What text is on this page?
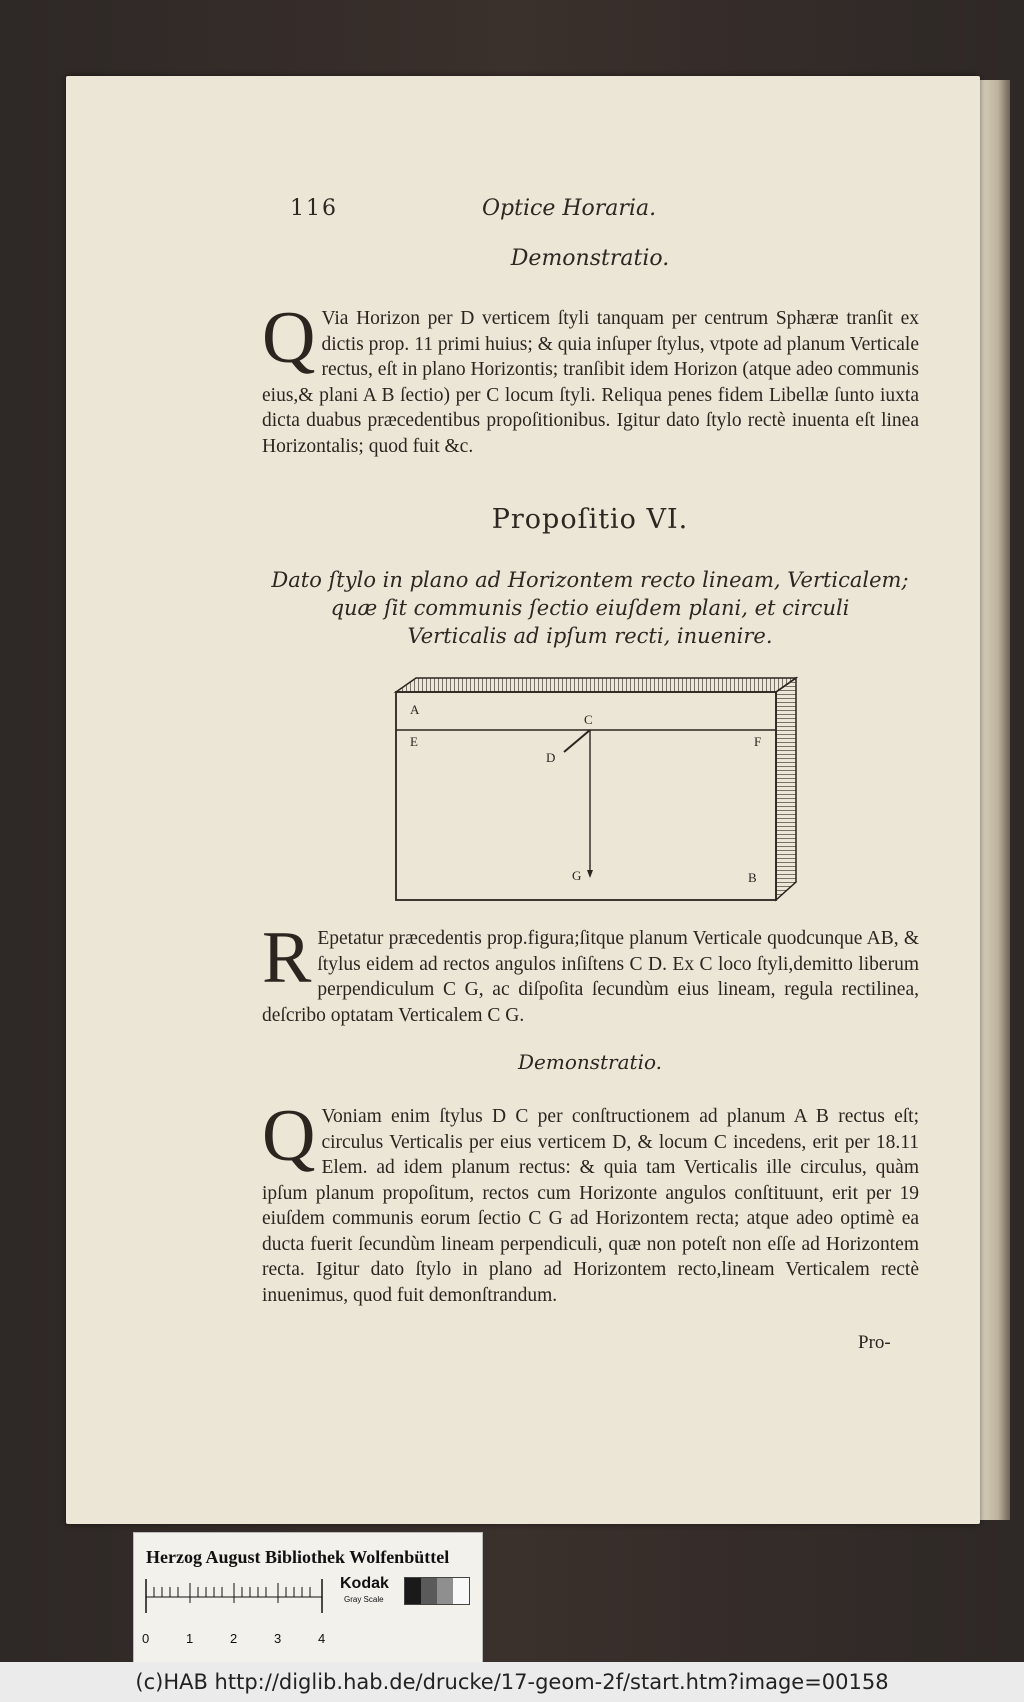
116	Optice Horaria.
Demonstratio.
Q Via Horizon per D verticem ſtyli tanquam per centrum Sphæræ tranſit ex dictis prop. 11 primi huius; & quia inſuper ſtylus, vtpote ad planum Verticale rectus, eſt in plano Horizontis; tranſibit idem Horizon (atque adeo communis eius,& plani A B ſectio) per C locum ſtyli. Reliqua penes fidem Libellæ ſunto iuxta dicta duabus præcedentibus propoſitionibus. Igitur dato ſtylo rectè inuenta eſt linea Horizontalis; quod fuit &c.
Propoſitio VI.
Dato ſtylo in plano ad Horizontem recto lineam, Verticalem;
quæ ſit communis ſectio eiuſdem plani, et circuli
Verticalis ad ipſum recti, inuenire.
A
E
C
D
F
G	B
R Epetatur præcedentis prop.figura;ſitque planum Verticale quodcunque AB, & ſtylus eidem ad rectos angulos inſiſtens C D. Ex C loco ſtyli,demitto liberum perpendiculum C G, ac diſpoſita ſecundùm eius lineam, regula rectilinea, deſcribo optatam Verticalem C G.
Demonstratio.
Q Voniam enim ſtylus D C per conſtructionem ad planum A B rectus eſt; circulus Verticalis per eius verticem D, & locum C incedens, erit per 18.11 Elem. ad idem planum rectus: & quia tam Verticalis ille circulus, quàm ipſum planum propoſitum, rectos cum Horizonte angulos conſtituunt, erit per 19 eiuſdem communis eorum ſectio C G ad Horizontem recta; atque adeo optimè ea ducta fuerit ſecundùm lineam perpendiculi, quæ non poteſt non eſſe ad Horizontem recta. Igitur dato ſtylo in plano ad Horizontem recto,lineam Verticalem rectè inuenimus, quod fuit demonſtrandum.
Pro-
Herzog August Bibliothek Wolfenbüttel
Kodak
Gray Scale
0	1	2	3	4
(c)HAB http://diglib.hab.de/drucke/17-geom-2f/start.htm?image=00158
